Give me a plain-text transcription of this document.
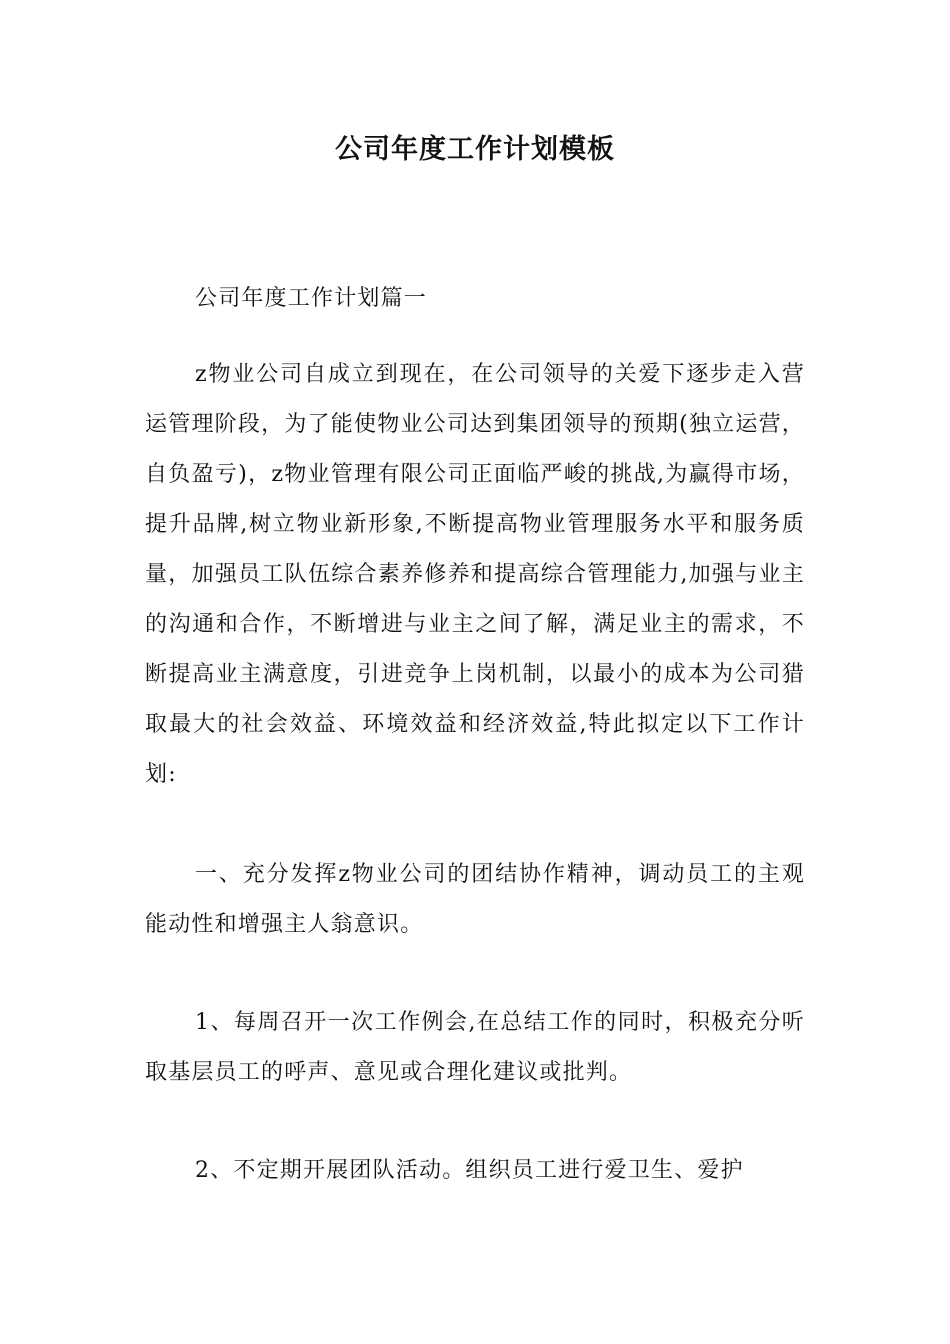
公司年度工作计划模板

公司年度工作计划篇一

z物业公司自成立到现在，在公司领导的关爱下逐步走入营运管理阶段，为了能使物业公司达到集团领导的预期(独立运营，自负盈亏)，z物业管理有限公司正面临严峻的挑战,为赢得市场，提升品牌,树立物业新形象,不断提高物业管理服务水平和服务质量，加强员工队伍综合素养修养和提高综合管理能力,加强与业主的沟通和合作，不断增进与业主之间了解，满足业主的需求，不断提高业主满意度，引进竞争上岗机制，以最小的成本为公司猎取最大的社会效益、环境效益和经济效益,特此拟定以下工作计划:

一、充分发挥z物业公司的团结协作精神，调动员工的主观能动性和增强主人翁意识。

1、每周召开一次工作例会,在总结工作的同时，积极充分听取基层员工的呼声、意见或合理化建议或批判。

2、不定期开展团队活动。组织员工进行爱卫生、爱护
